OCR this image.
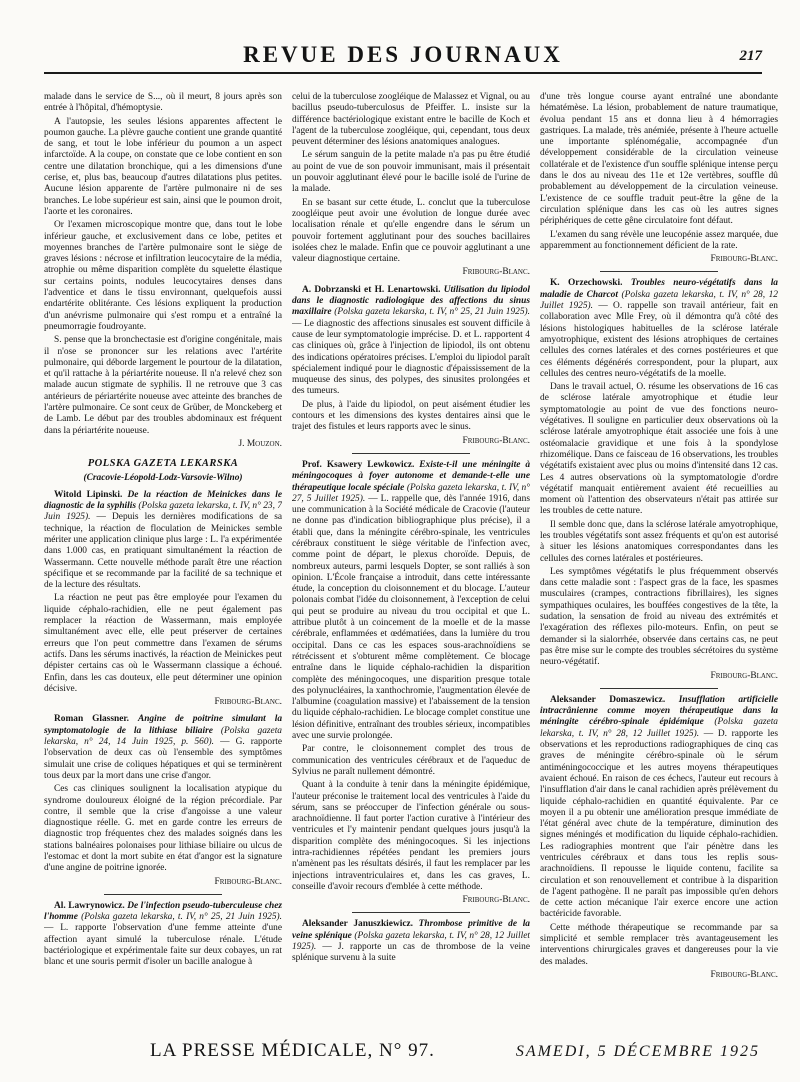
REVUE DES JOURNAUX	217

malade dans le service de S..., où il meurt, 8 jours après son entrée à l'hôpital, d'hémoptysie.

A l'autopsie, les seules lésions apparentes affectent le poumon gauche. La plèvre gauche contient une grande quantité de sang, et tout le lobe inférieur du poumon a un aspect infarctoïde. A la coupe, on constate que ce lobe contient en son centre une dilatation bronchique, qui a les dimensions d'une cerise, et, plus bas, beaucoup d'autres dilatations plus petites. Aucune lésion apparente de l'artère pulmonaire ni de ses branches. Le lobe supérieur est sain, ainsi que le poumon droit, l'aorte et les coronaires.

Or l'examen microscopique montre que, dans tout le lobe inférieur gauche, et exclusivement dans ce lobe, petites et moyennes branches de l'artère pulmonaire sont le siège de graves lésions : nécrose et infiltration leucocytaire de la média, atrophie ou même disparition complète du squelette élastique sur certains points, nodules leucocytaires denses dans l'adventice et dans le tissu environnant, quelquefois aussi endartérite oblitérante. Ces lésions expliquent la production d'un anévrisme pulmonaire qui s'est rompu et a entraîné la pneumorragie foudroyante.

S. pense que la bronchectasie est d'origine congénitale, mais il n'ose se prononcer sur les relations avec l'artérite pulmonaire, qui déborde largement le pourtour de la dilatation, et qu'il rattache à la périartérite noueuse. Il n'a relevé chez son malade aucun stigmate de syphilis. Il ne retrouve que 3 cas antérieurs de périartérite noueuse avec atteinte des branches de l'artère pulmonaire. Ce sont ceux de Grüber, de Monckeberg et de Lamb. Le début par des troubles abdominaux est fréquent dans la périartérite noueuse.

J. Mouzon.
POLSKA GAZETA LEKARSKA
(Cracovie-Léopold-Lodz-Varsovie-Wilno)

Witold Lipinski. De la réaction de Meinickes dans le diagnostic de la syphilis (Polska gazeta lekarska, t. IV, n° 23, 7 Juin 1925). — Depuis les dernières modifications de sa technique, la réaction de floculation de Meinickes semble mériter une application clinique plus large : L. l'a expérimentée dans 1.000 cas, en pratiquant simultanément la réaction de Wassermann. Cette nouvelle méthode paraît être une réaction spécifique et se recommande par la facilité de sa technique et de la lecture des résultats.

La réaction ne peut pas être employée pour l'examen du liquide céphalo-rachidien, elle ne peut également pas remplacer la réaction de Wassermann, mais employée simultanément avec elle, elle peut préserver de certaines erreurs que l'on peut commettre dans l'examen de sérums actifs. Dans les sérums inactivés, la réaction de Meinickes peut dépister certains cas où le Wassermann classique a échoué. Enfin, dans les cas douteux, elle peut déterminer une opinion décisive.

Fribourg-Blanc.

Roman Glassner. Angine de poitrine simulant la symptomatologie de la lithiase biliaire (Polska gazeta lekarska, n° 24, 14 Juin 1925, p. 560). — G. rapporte l'observation de deux cas où l'ensemble des symptômes simulait une crise de coliques hépatiques et qui se terminèrent tous deux par la mort dans une crise d'angor.

Ces cas cliniques soulignent la localisation atypique du syndrome douloureux éloigné de la région précordiale. Par contre, il semble que la crise d'angoisse a une valeur diagnostique réelle. G. met en garde contre les erreurs de diagnostic trop fréquentes chez des malades soignés dans les stations balnéaires polonaises pour lithiase biliaire ou ulcus de l'estomac et dont la mort subite en état d'angor est la signature d'une angine de poitrine ignorée.

Fribourg-Blanc.

Al. Lawrynowicz. De l'infection pseudo-tuberculeuse chez l'homme (Polska gazeta lekarska, t. IV, n° 25, 21 Juin 1925). — L. rapporte l'observation d'une femme atteinte d'une affection ayant simulé la tuberculose rénale. L'étude bactériologique et expérimentale faite sur deux cobayes, un rat blanc et une souris permit d'isoler un bacille analogue à

celui de la tuberculose zoogléique de Malassez et Vignal, ou au bacillus pseudo-tuberculosus de Pfeiffer. L. insiste sur la différence bactériologique existant entre le bacille de Koch et l'agent de la tuberculose zoogléique, qui, cependant, tous deux peuvent déterminer des lésions anatomiques analogues.

Le sérum sanguin de la petite malade n'a pas pu être étudié au point de vue de son pouvoir immunisant, mais il présentait un pouvoir agglutinant élevé pour le bacille isolé de l'urine de la malade.

En se basant sur cette étude, L. conclut que la tuberculose zoogléique peut avoir une évolution de longue durée avec localisation rénale et qu'elle engendre dans le sérum un pouvoir fortement agglutinant pour des souches bacillaires isolées chez le malade. Enfin que ce pouvoir agglutinant a une valeur diagnostique certaine.

Fribourg-Blanc.

A. Dobrzanski et H. Lenartowski. Utilisation du lipiodol dans le diagnostic radiologique des affections du sinus maxillaire (Polska gazeta lekarska, t. IV, n° 25, 21 Juin 1925). — Le diagnostic des affections sinusales est souvent difficile à cause de leur symptomatologie imprécise. D. et L. rapportent 4 cas cliniques où, grâce à l'injection de lipiodol, ils ont obtenu des indications opératoires précises. L'emploi du lipiodol paraît spécialement indiqué pour le diagnostic d'épaississement de la muqueuse des sinus, des polypes, des sinusites prolongées et des tumeurs.

De plus, à l'aide du lipiodol, on peut aisément étudier les contours et les dimensions des kystes dentaires ainsi que le trajet des fistules et leurs rapports avec le sinus.

Fribourg-Blanc.

Prof. Ksawery Lewkowicz. Existe-t-il une méningite à méningocoques à foyer autonome et demande-t-elle une thérapeutique locale spéciale (Polska gazeta lekarska, t. IV, n° 27, 5 Juillet 1925). — L. rappelle que, dès l'année 1916, dans une communication à la Société médicale de Cracovie (l'auteur ne donne pas d'indication bibliographique plus précise), il a établi que, dans la méningite cérébro-spinale, les ventricules cérébraux constituent le siège véritable de l'infection avec, comme point de départ, le plexus choroïde. Depuis, de nombreux auteurs, parmi lesquels Dopter, se sont ralliés à son opinion. L'École française a introduit, dans cette intéressante étude, la conception du cloisonnement et du blocage. L'auteur polonais combat l'idée du cloisonnement, à l'exception de celui qui peut se produire au niveau du trou occipital et que L. attribue plutôt à un coincement de la moelle et de la masse cérébrale, enflammées et œdématiées, dans la lumière du trou occipital. Dans ce cas les espaces sous-arachnoïdiens se rétrécissent et s'obturent même complètement. Ce blocage entraîne dans le liquide céphalo-rachidien la disparition complète des méningocoques, une disparition presque totale des polynucléaires, la xanthochromie, l'augmentation élevée de l'albumine (coagulation massive) et l'abaissement de la tension du liquide céphalo-rachidien. Le blocage complet constitue une lésion définitive, entraînant des troubles sérieux, incompatibles avec une survie prolongée.

Par contre, le cloisonnement complet des trous de communication des ventricules cérébraux et de l'aqueduc de Sylvius ne paraît nullement démontré.

Quant à la conduite à tenir dans la méningite épidémique, l'auteur préconise le traitement local des ventricules à l'aide du sérum, sans se préoccuper de l'infection générale ou sous-arachnoïdienne. Il faut porter l'action curative à l'intérieur des ventricules et l'y maintenir pendant quelques jours jusqu'à la disparition complète des méningocoques. Si les injections intra-rachidiennes répétées pendant les premiers jours n'amènent pas les résultats désirés, il faut les remplacer par les injections intraventriculaires et, dans les cas graves, L. conseille d'avoir recours d'emblée à cette méthode.

Fribourg-Blanc.

Aleksander Januszkiewicz. Thrombose primitive de la veine splénique (Polska gazeta lekarska, t. IV, n° 28, 12 Juillet 1925). — J. rapporte un cas de thrombose de la veine splénique survenu à la suite

d'une très longue course ayant entraîné une abondante hématémèse. La lésion, probablement de nature traumatique, évolua pendant 15 ans et donna lieu à 4 hémorragies gastriques. La malade, très anémiée, présente à l'heure actuelle une importante splénomégalie, accompagnée d'un développement considérable de la circulation veineuse collatérale et de l'existence d'un souffle splénique intense perçu dans le dos au niveau des 11e et 12e vertèbres, souffle dû probablement au développement de la circulation veineuse. L'existence de ce souffle traduit peut-être la gêne de la circulation splénique dans les cas où les autres signes périphériques de cette gêne circulatoire font défaut.

L'examen du sang révèle une leucopénie assez marquée, due apparemment au fonctionnement déficient de la rate.

Fribourg-Blanc.

K. Orzechowski. Troubles neuro-végétatifs dans la maladie de Charcot (Polska gazeta lekarska, t. IV, n° 28, 12 Juillet 1925). — O. rappelle son travail antérieur, fait en collaboration avec Mlle Frey, où il démontra qu'à côté des lésions histologiques habituelles de la sclérose latérale amyotrophique, existent des lésions atrophiques de certaines cellules des cornes latérales et des cornes postérieures et que ces éléments dégénérés correspondent, pour la plupart, aux cellules des centres neuro-végétatifs de la moelle.

Dans le travail actuel, O. résume les observations de 16 cas de sclérose latérale amyotrophique et étudie leur symptomatologie au point de vue des fonctions neuro-végétatives. Il souligne en particulier deux observations où la sclérose latérale amyotrophique était associée une fois à une ostéomalacie gravidique et une fois à la spondylose rhizomélique. Dans ce faisceau de 16 observations, les troubles végétatifs existaient avec plus ou moins d'intensité dans 12 cas. Les 4 autres observations où la symptomatologie d'ordre végétatif manquait entièrement avaient été recueillies au moment où l'attention des observateurs n'était pas attirée sur les troubles de cette nature.

Il semble donc que, dans la sclérose latérale amyotrophique, les troubles végétatifs sont assez fréquents et qu'on est autorisé à situer les lésions anatomiques correspondantes dans les cellules des cornes latérales et postérieures.

Les symptômes végétatifs le plus fréquemment observés dans cette maladie sont : l'aspect gras de la face, les spasmes musculaires (crampes, contractions fibrillaires), les signes sympathiques oculaires, les bouffées congestives de la tête, la sudation, la sensation de froid au niveau des extrémités et l'exagération des réflexes pilo-moteurs. Enfin, on peut se demander si la sialorrhée, observée dans certains cas, ne peut pas être mise sur le compte des troubles sécrétoires du système neuro-végétatif.

Fribourg-Blanc.

Aleksander Domaszewicz. Insufflation artificielle intracrânienne comme moyen thérapeutique dans la méningite cérébro-spinale épidémique (Polska gazeta lekarska, t. IV, n° 28, 12 Juillet 1925). — D. rapporte les observations et les reproductions radiographiques de cinq cas graves de méningite cérébro-spinale où le sérum antiméningococcique et les autres moyens thérapeutiques avaient échoué. En raison de ces échecs, l'auteur eut recours à l'insufflation d'air dans le canal rachidien après prélèvement du liquide céphalo-rachidien en quantité équivalente. Par ce moyen il a pu obtenir une amélioration presque immédiate de l'état général avec chute de la température, diminution des signes méningés et modification du liquide céphalo-rachidien. Les radiographies montrent que l'air pénètre dans les ventricules cérébraux et dans tous les replis sous-arachnoïdiens. Il repousse le liquide contenu, facilite sa circulation et son renouvellement et contribue à la disparition de l'agent pathogène. Il ne paraît pas impossible qu'en dehors de cette action mécanique l'air exerce encore une action bactéricide favorable.

Cette méthode thérapeutique se recommande par sa simplicité et semble remplacer très avantageusement les interventions chirurgicales graves et dangereuses pour la vie des malades.

Fribourg-Blanc.
LA PRESSE MÉDICALE, N° 97.	SAMEDI, 5 DÉCEMBRE 1925
